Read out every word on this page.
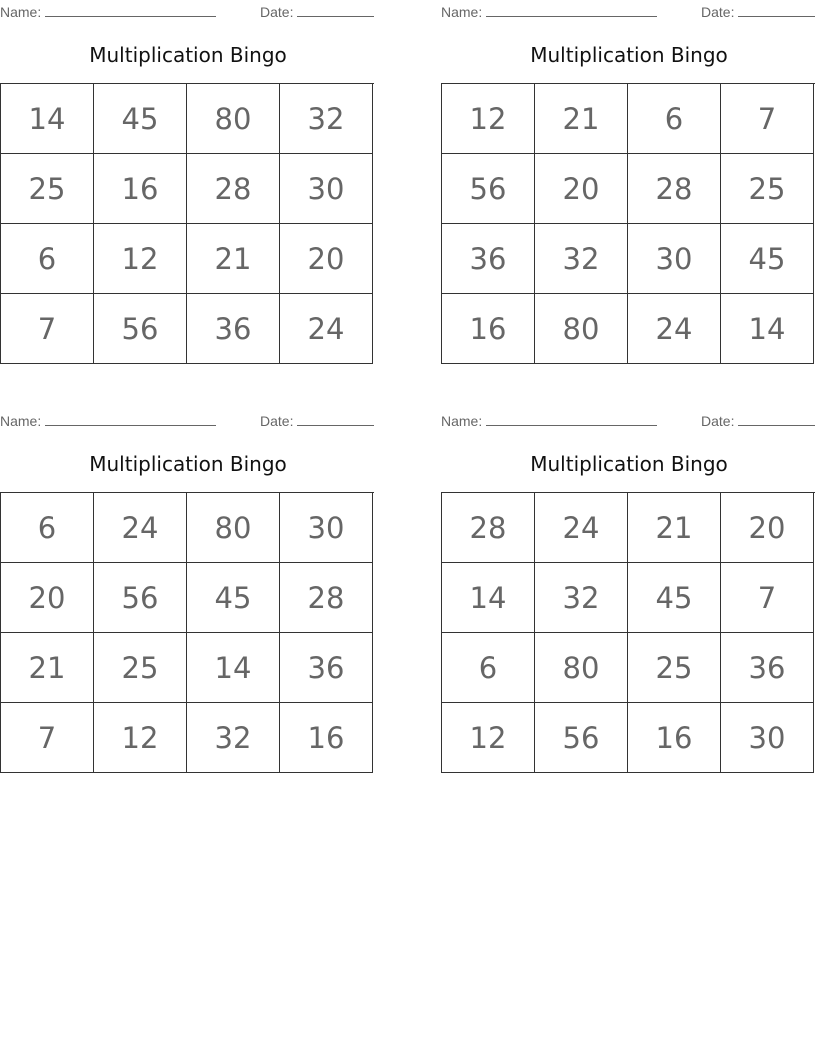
Name:	Date:
Multiplication Bingo
14	45	80	32
25	16	28	30
6	12	21	20
7	56	36	24
Name:	Date:
Multiplication Bingo
12	21	6	7
56	20	28	25
36	32	30	45
16	80	24	14
Name:	Date:
Multiplication Bingo
6	24	80	30
20	56	45	28
21	25	14	36
7	12	32	16
Name:	Date:
Multiplication Bingo
28	24	21	20
14	32	45	7
6	80	25	36
12	56	16	30
